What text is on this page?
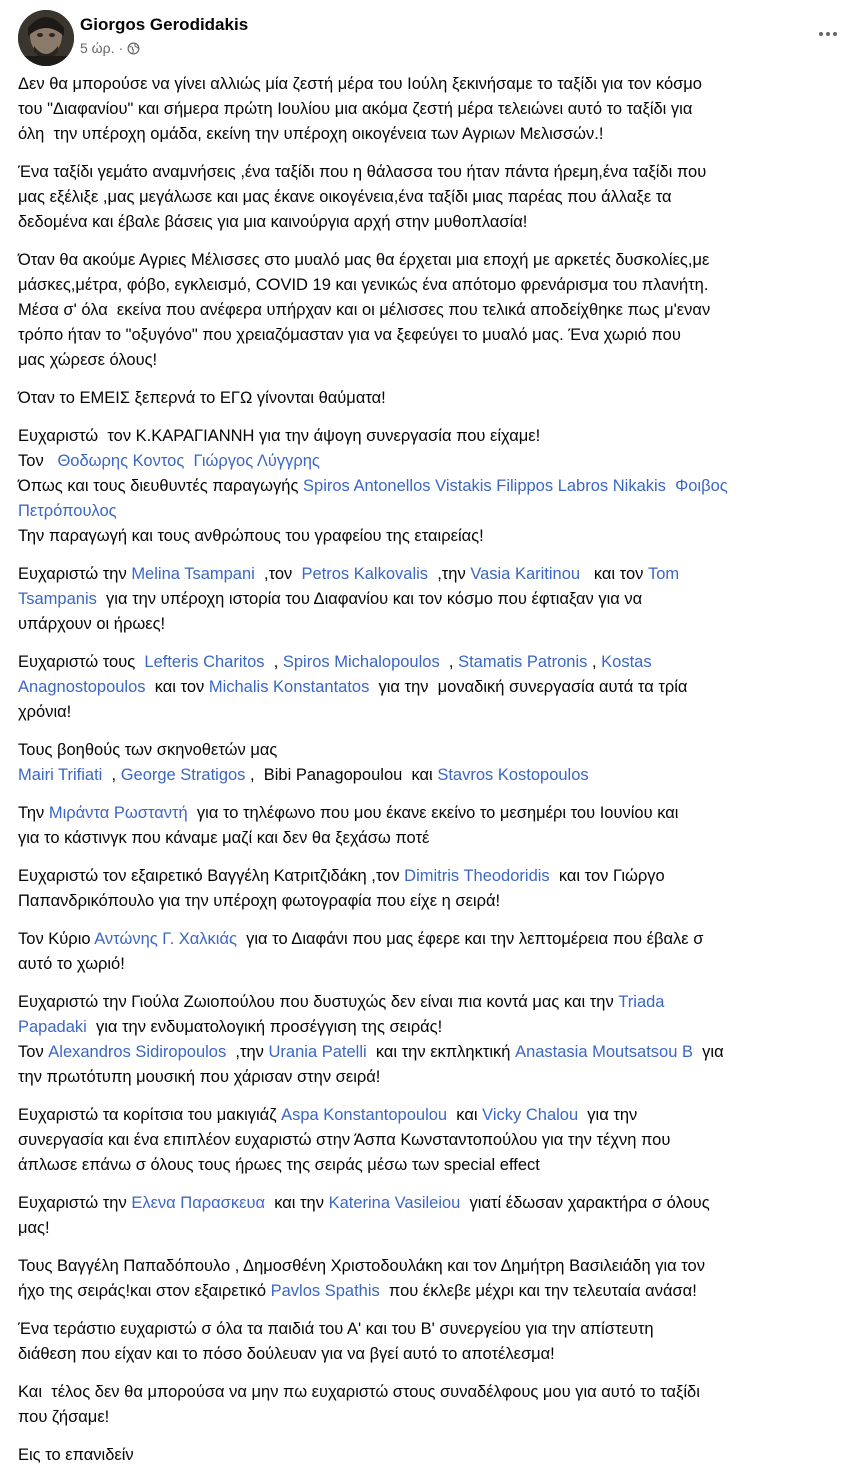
Giorgos Gerodidakis
5 ώρ. ·
Δεν θα μπορούσε να γίνει αλλιώς μία ζεστή μέρα του Ιούλη ξεκινήσαμε το ταξίδι για τον κόσμο
του "Διαφανίου" και σήμερα πρώτη Ιουλίου μια ακόμα ζεστή μέρα τελειώνει αυτό το ταξίδι για
όλη  την υπέροχη ομάδα, εκείνη την υπέροχη οικογένεια των Αγριων Μελισσών.!
Ένα ταξίδι γεμάτο αναμνήσεις ,ένα ταξίδι που η θάλασσα του ήταν πάντα ήρεμη,ένα ταξίδι που
μας εξέλιξε ,μας μεγάλωσε και μας έκανε οικογένεια,ένα ταξίδι μιας παρέας που άλλαξε τα
δεδομένα και έβαλε βάσεις για μια καινούργια αρχή στην μυθοπλασία!
Όταν θα ακούμε Αγριες Μέλισσες στο μυαλό μας θα έρχεται μια εποχή με αρκετές δυσκολίες,με
μάσκες,μέτρα, φόβο, εγκλεισμό, COVID 19 και γενικώς ένα απότομο φρενάρισμα του πλανήτη.
Μέσα σ' όλα  εκείνα που ανέφερα υπήρχαν και οι μέλισσες που τελικά αποδείχθηκε πως μ'εναν
τρόπο ήταν το "οξυγόνο" που χρειαζόμασταν για να ξεφεύγει το μυαλό μας. Ένα χωριό που
μας χώρεσε όλους!
Όταν το ΕΜΕΙΣ ξεπερνά το ΕΓΩ γίνονται θαύματα!
Ευχαριστώ  τον Κ.ΚΑΡΑΓΙΑΝΝΗ για την άψογη συνεργασία που είχαμε!
Τον   Θοδωρης Κοντος Γιώργος Λύγγρης
Όπως και τους διευθυντές παραγωγής Spiros Antonellos Vistakis Filippos Labros Nikakis Φοιβος
Πετρόπουλος
Την παραγωγή και τους ανθρώπους του γραφείου της εταιρείας!
Ευχαριστώ την Melina Tsampani  ,τον  Petros Kalkovalis  ,την Vasia Karitinou   και τον Tom
Tsampanis  για την υπέροχη ιστορία του Διαφανίου και τον κόσμο που έφτιαξαν για να
υπάρχουν οι ήρωες!
Ευχαριστώ τους  Lefteris Charitos  , Spiros Michalopoulos  , Stamatis Patronis , Kostas
Anagnostopoulos  και τον Michalis Konstantatos  για την  μοναδική συνεργασία αυτά τα τρία
χρόνια!
Τους βοηθούς των σκηνοθετών μας
Mairi Trifiati  , George Stratigos ,  Bibi Panagopoulou  και Stavros Kostopoulos
Την Μιράντα Ρωσταντή  για το τηλέφωνο που μου έκανε εκείνο το μεσημέρι του Ιουνίου και
για το κάστινγκ που κάναμε μαζί και δεν θα ξεχάσω ποτέ
Ευχαριστώ τον εξαιρετικό Βαγγέλη Κατριτζιδάκη ,τον Dimitris Theodoridis  και τον Γιώργο
Παπανδρικόπουλο για την υπέροχη φωτογραφία που είχε η σειρά!
Τον Κύριο Αντώνης Γ. Χαλκιάς  για το Διαφάνι που μας έφερε και την λεπτομέρεια που έβαλε σ
αυτό το χωριό!
Ευχαριστώ την Γιούλα Ζωιοπούλου που δυστυχώς δεν είναι πια κοντά μας και την Triada
Papadaki  για την ενδυματολογική προσέγγιση της σειράς!
Τον Alexandros Sidiropoulos  ,την Urania Patelli  και την εκπληκτική Anastasia Moutsatsou B  για
την πρωτότυπη μουσική που χάρισαν στην σειρά!
Ευχαριστώ τα κορίτσια του μακιγιάζ Aspa Konstantopoulou  και Vicky Chalou  για την
συνεργασία και ένα επιπλέον ευχαριστώ στην Άσπα Κωνσταντοπούλου για την τέχνη που
άπλωσε επάνω σ όλους τους ήρωες της σειράς μέσω των special effect
Ευχαριστώ την Ελενα Παρασκευα  και την Katerina Vasileiou  γιατί έδωσαν χαρακτήρα σ όλους
μας!
Τους Βαγγέλη Παπαδόπουλο , Δημοσθένη Χριστοδουλάκη και τον Δημήτρη Βασιλειάδη για τον
ήχο της σειράς!και στον εξαιρετικό Pavlos Spathis  που έκλεβε μέχρι και την τελευταία ανάσα!
Ένα τεράστιο ευχαριστώ σ όλα τα παιδιά του Α' και του Β' συνεργείου για την απίστευτη
διάθεση που είχαν και το πόσο δούλευαν για να βγεί αυτό το αποτέλεσμα!
Και  τέλος δεν θα μπορούσα να μην πω ευχαριστώ στους συναδέλφους μου για αυτό το ταξίδι
που ζήσαμε!
Εις το επανιδείν
